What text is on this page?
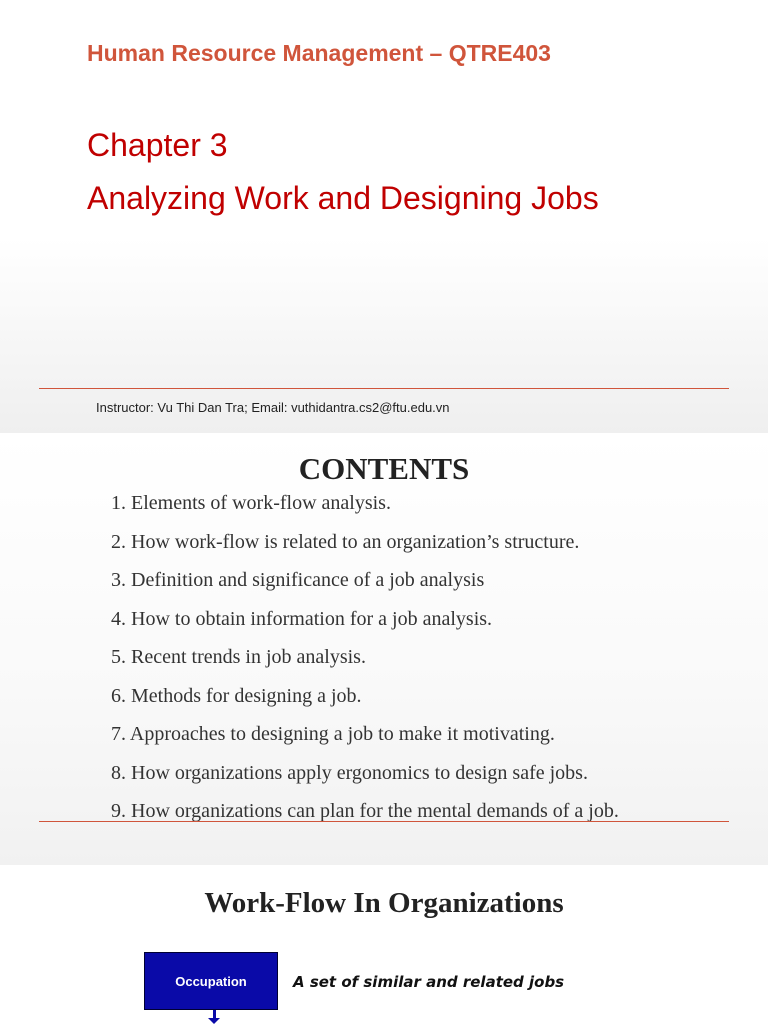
Human Resource Management – QTRE403
Chapter 3
Analyzing Work and Designing Jobs
Instructor: Vu Thi Dan Tra; Email: vuthidantra.cs2@ftu.edu.vn
CONTENTS
1. Elements of work-flow analysis.
2. How work-flow is related to an organization’s structure.
3. Definition and significance of a job analysis
4. How to obtain information for a job analysis.
5. Recent trends in job analysis.
6. Methods for designing a job.
7. Approaches to designing a job to make it motivating.
8. How organizations apply ergonomics to design safe jobs.
9. How organizations can plan for the mental demands of a job.
Work-Flow In Organizations
Occupation	A set of similar and related jobs
